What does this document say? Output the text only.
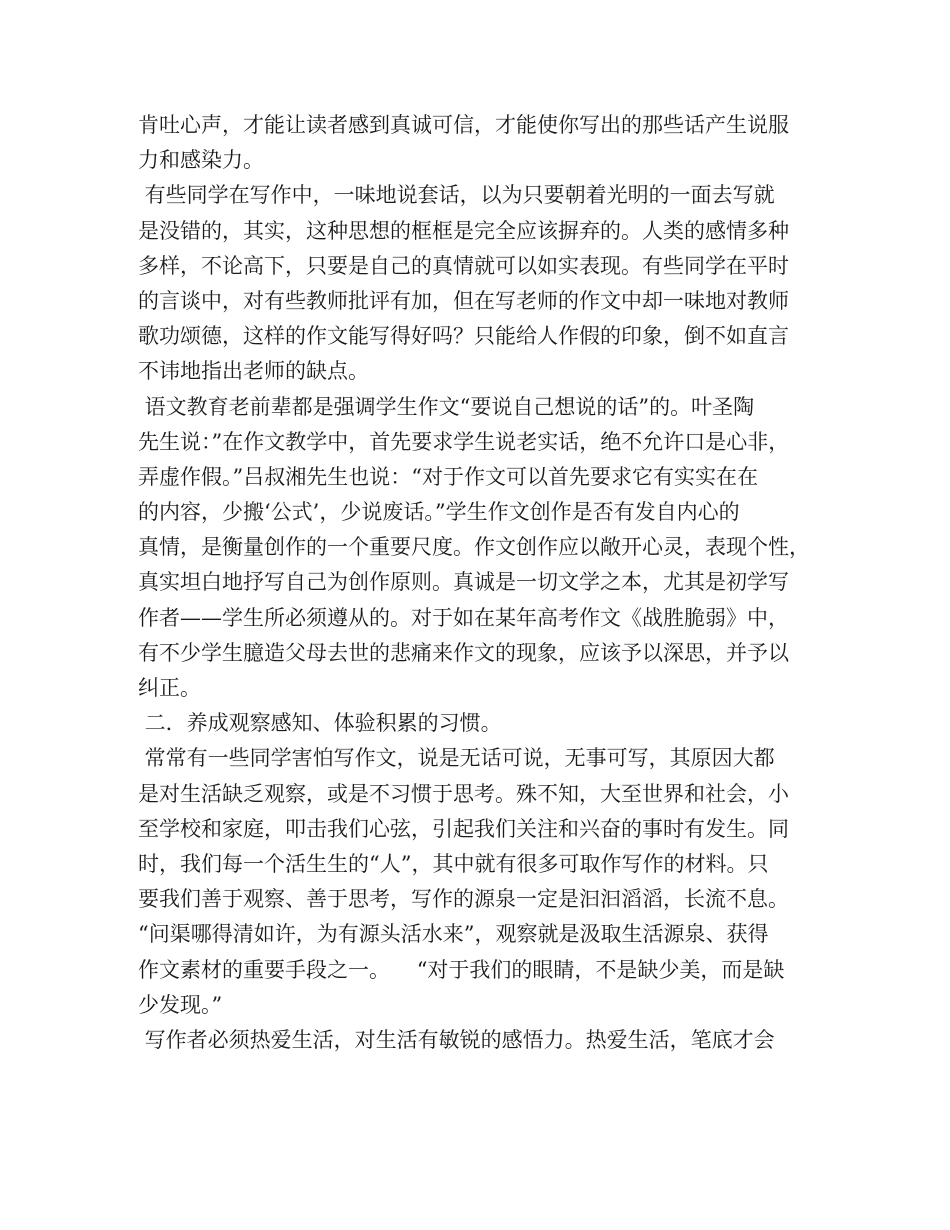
肯吐心声，才能让读者感到真诚可信，才能使你写出的那些话产生说服
力和感染力。
有些同学在写作中，一味地说套话，以为只要朝着光明的一面去写就
是没错的，其实，这种思想的框框是完全应该摒弃的。人类的感情多种
多样，不论高下，只要是自己的真情就可以如实表现。有些同学在平时
的言谈中，对有些教师批评有加，但在写老师的作文中却一味地对教师
歌功颂德，这样的作文能写得好吗？只能给人作假的印象，倒不如直言
不讳地指出老师的缺点。
语文教育老前辈都是强调学生作文“要说自己想说的话”的。叶圣陶
先生说：”在作文教学中，首先要求学生说老实话，绝不允许口是心非，
弄虚作假。”吕叔湘先生也说：“对于作文可以首先要求它有实实在在
的内容，少搬‘公式’，少说废话。”学生作文创作是否有发自内心的
真情，是衡量创作的一个重要尺度。作文创作应以敞开心灵，表现个性，
真实坦白地抒写自己为创作原则。真诚是一切文学之本，尤其是初学写
作者——学生所必须遵从的。对于如在某年高考作文《战胜脆弱》中，
有不少学生臆造父母去世的悲痛来作文的现象，应该予以深思，并予以
纠正。
二．养成观察感知、体验积累的习惯。
常常有一些同学害怕写作文，说是无话可说，无事可写，其原因大都
是对生活缺乏观察，或是不习惯于思考。殊不知，大至世界和社会，小
至学校和家庭，叩击我们心弦，引起我们关注和兴奋的事时有发生。同
时，我们每一个活生生的“人”，其中就有很多可取作写作的材料。只
要我们善于观察、善于思考，写作的源泉一定是汩汩滔滔，长流不息。
“问渠哪得清如许，为有源头活水来”，观察就是汲取生活源泉、获得
作文素材的重要手段之一。    “对于我们的眼睛，不是缺少美，而是缺
少发现。”
写作者必须热爱生活，对生活有敏锐的感悟力。热爱生活，笔底才会
